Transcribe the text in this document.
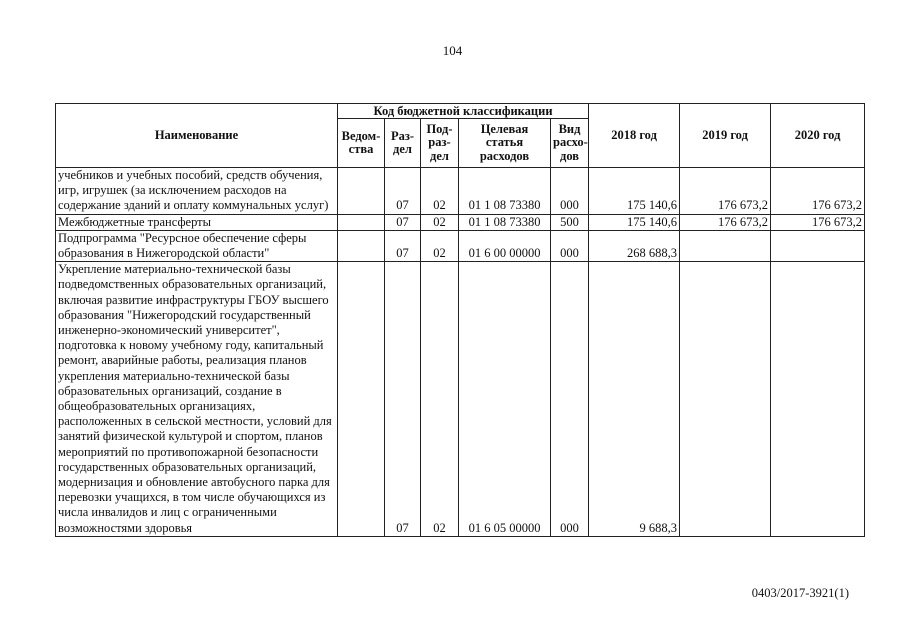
104
Наименование	Код бюджетной классификации					2018 год	2019 год	2020 год
	Ведом-ства	Раз-дел	Под-раз-дел	Целевая статья расходов	Вид расхо-дов			
учебников и учебных пособий, средств обучения, игр, игрушек (за исключением расходов на содержание зданий и оплату коммунальных услуг)		07	02	01 1 08 73380	000	175 140,6	176 673,2	176 673,2
Межбюджетные трансферты		07	02	01 1 08 73380	500	175 140,6	176 673,2	176 673,2
Подпрограмма "Ресурсное обеспечение сферы образования в Нижегородской области"		07	02	01 6 00 00000	000	268 688,3		
Укрепление материально-технической базы подведомственных образовательных организаций, включая развитие инфраструктуры ГБОУ высшего образования "Нижегородский государственный инженерно-экономический университет", подготовка к новому учебному году, капитальный ремонт, аварийные работы, реализация планов укрепления материально-технической базы образовательных организаций, создание в общеобразовательных организациях, расположенных в сельской местности, условий для занятий физической культурой и спортом, планов мероприятий по противопожарной безопасности государственных образовательных организаций, модернизация и обновление автобусного парка для перевозки учащихся, в том числе обучающихся из числа инвалидов и лиц с ограниченными возможностями здоровья		07	02	01 6 05 00000	000	9 688,3		
0403/2017-3921(1)
